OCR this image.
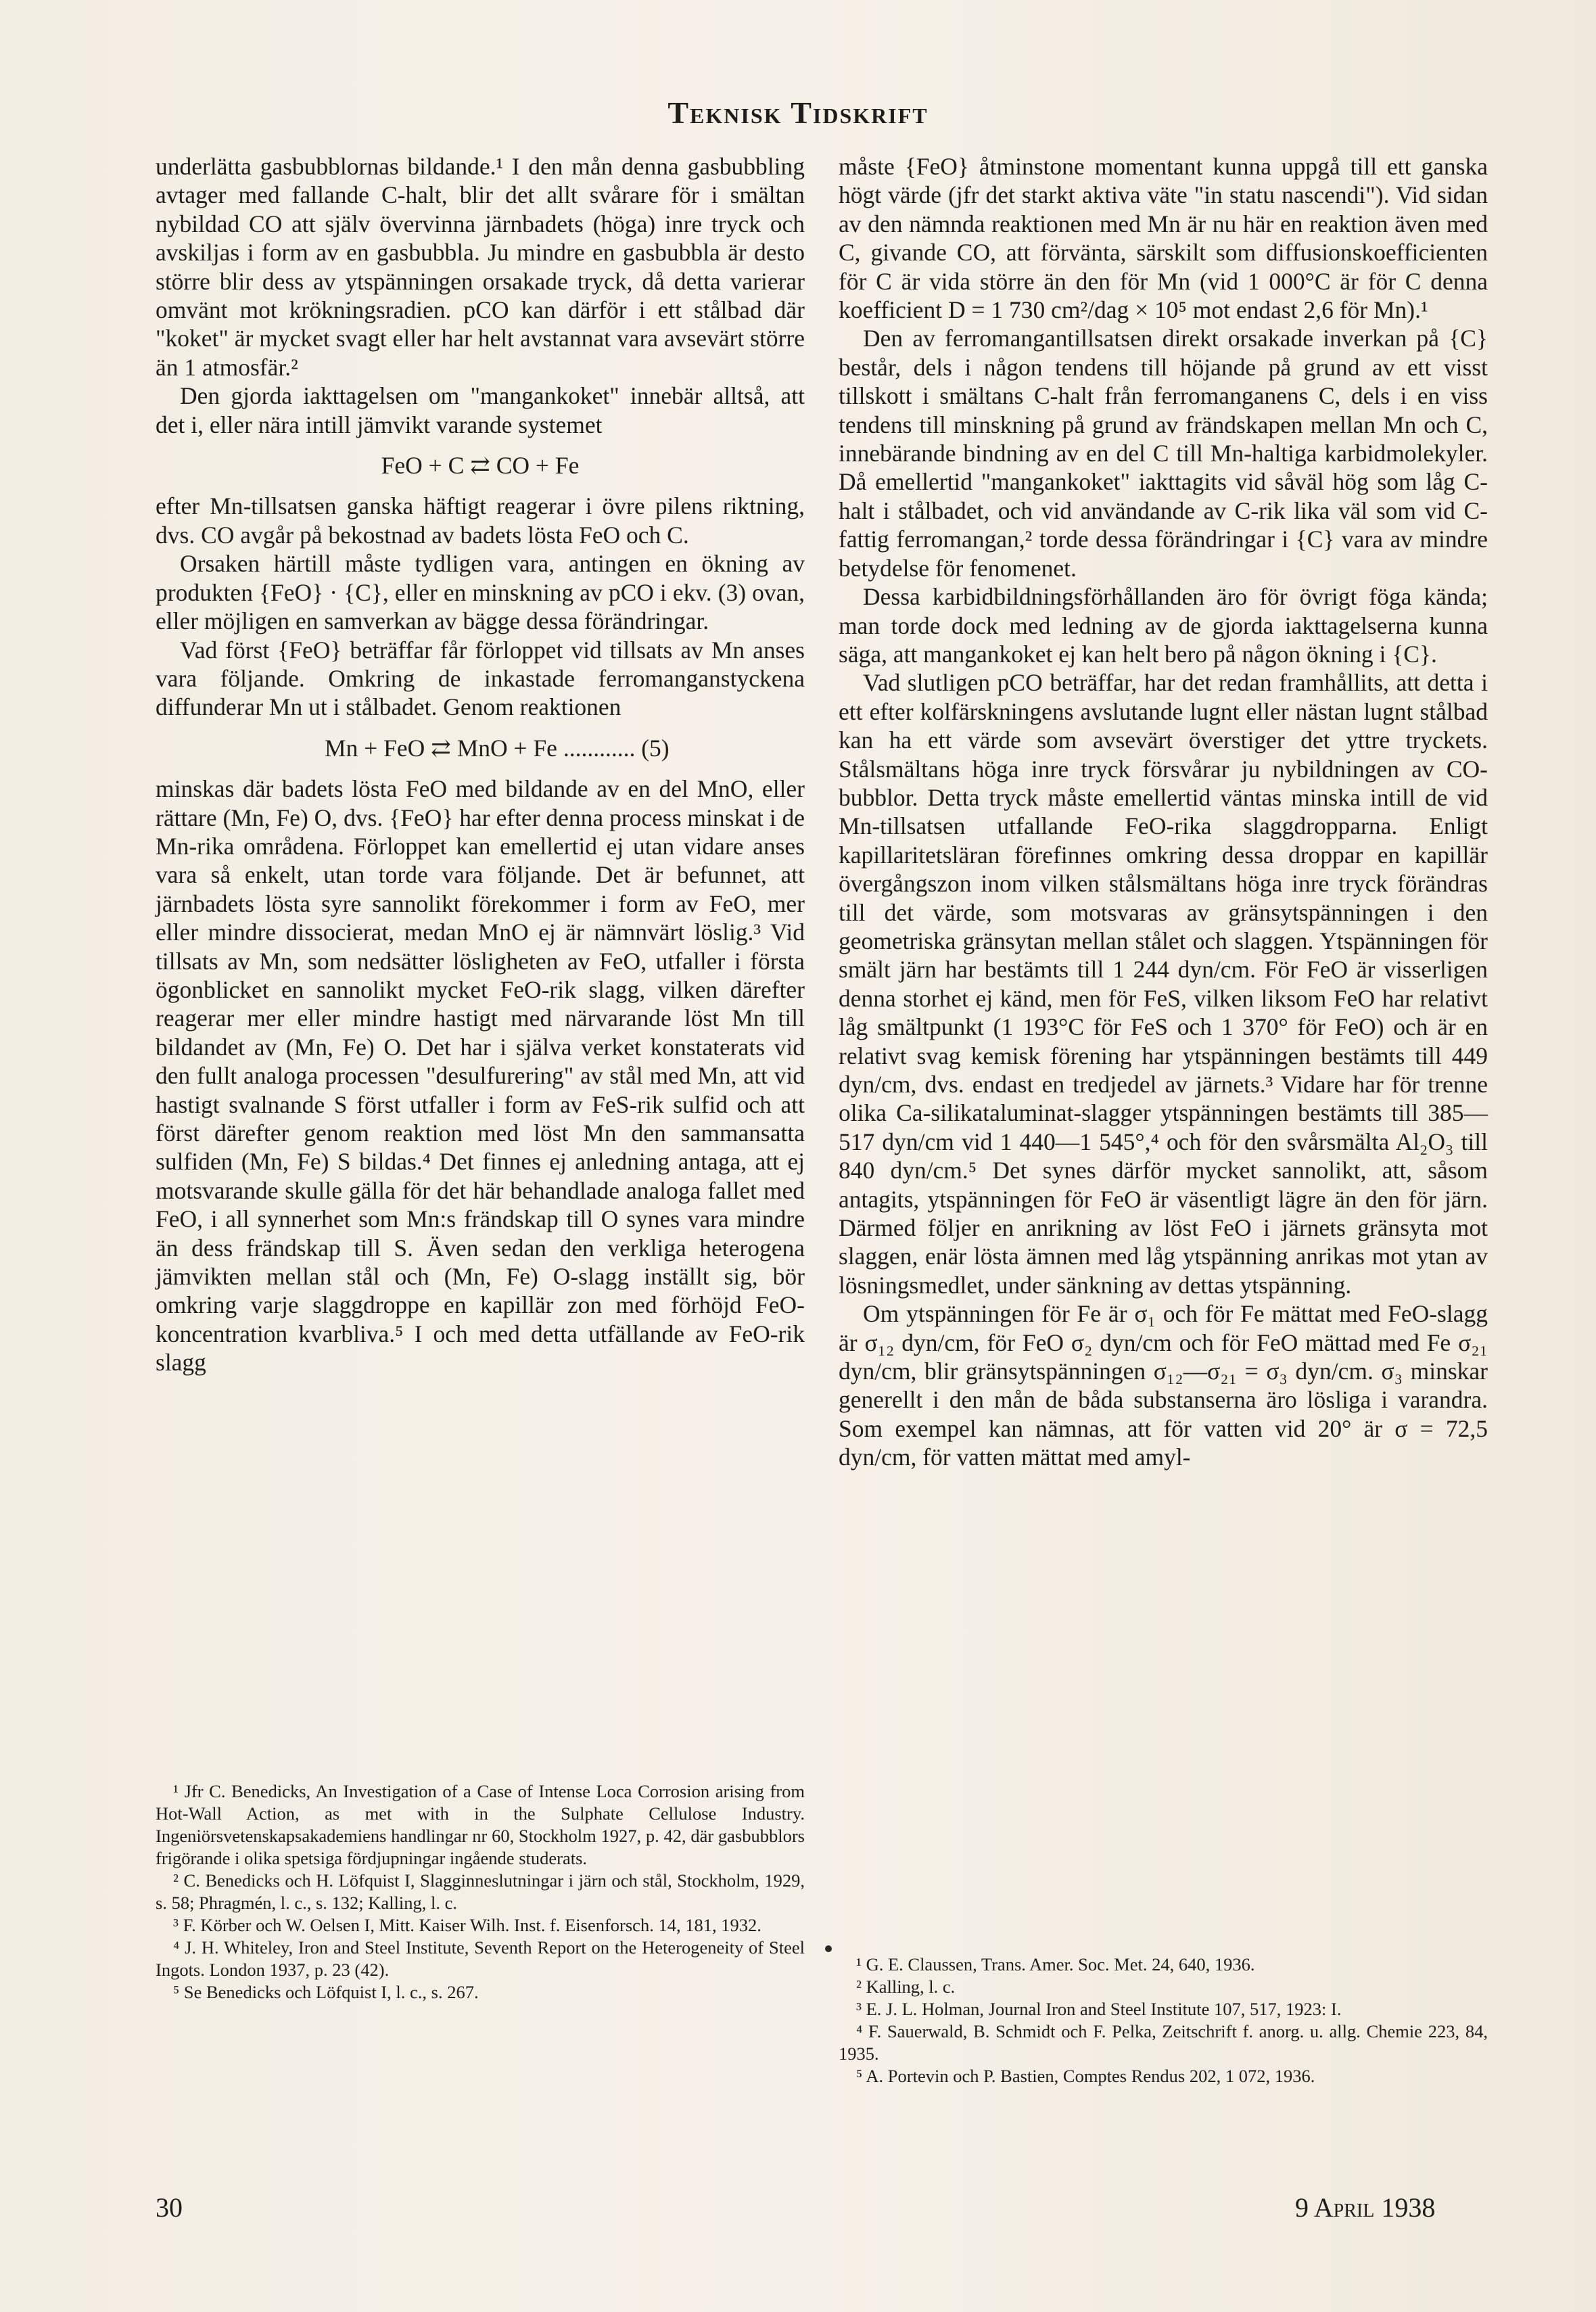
Teknisk Tidskrift

underlätta gasbubblornas bildande.¹ I den mån denna gasbubbling avtager med fallande C-halt, blir det allt svårare för i smältan nybildad CO att själv övervinna järnbadets (höga) inre tryck och avskiljas i form av en gasbubbla. Ju mindre en gasbubbla är desto större blir dess av ytspänningen orsakade tryck, då detta varierar omvänt mot krökningsradien. pCO kan därför i ett stålbad där "koket" är mycket svagt eller har helt avstannat vara avsevärt större än 1 atmosfär.²

Den gjorda iakttagelsen om "mangankoket" innebär alltså, att det i, eller nära intill jämvikt varande systemet

FeO + C ⇄ CO + Fe

efter Mn-tillsatsen ganska häftigt reagerar i övre pilens riktning, dvs. CO avgår på bekostnad av badets lösta FeO och C.

Orsaken härtill måste tydligen vara, antingen en ökning av produkten {FeO} · {C}, eller en minskning av pCO i ekv. (3) ovan, eller möjligen en samverkan av bägge dessa förändringar.

Vad först {FeO} beträffar får förloppet vid tillsats av Mn anses vara följande. Omkring de inkastade ferromanganstyckena diffunderar Mn ut i stålbadet. Genom reaktionen

Mn + FeO ⇄ MnO + Fe ............ (5)

minskas där badets lösta FeO med bildande av en del MnO, eller rättare (Mn, Fe) O, dvs. {FeO} har efter denna process minskat i de Mn-rika områdena. Förloppet kan emellertid ej utan vidare anses vara så enkelt, utan torde vara följande. Det är befunnet, att järnbadets lösta syre sannolikt förekommer i form av FeO, mer eller mindre dissocierat, medan MnO ej är nämnvärt löslig.³ Vid tillsats av Mn, som nedsätter lösligheten av FeO, utfaller i första ögonblicket en sannolikt mycket FeO-rik slagg, vilken därefter reagerar mer eller mindre hastigt med närvarande löst Mn till bildandet av (Mn, Fe) O. Det har i själva verket konstaterats vid den fullt analoga processen "desulfurering" av stål med Mn, att vid hastigt svalnande S först utfaller i form av FeS-rik sulfid och att först därefter genom reaktion med löst Mn den sammansatta sulfiden (Mn, Fe) S bildas.⁴ Det finnes ej anledning antaga, att ej motsvarande skulle gälla för det här behandlade analoga fallet med FeO, i all synnerhet som Mn:s frändskap till O synes vara mindre än dess frändskap till S. Även sedan den verkliga heterogena jämvikten mellan stål och (Mn, Fe) O-slagg inställt sig, bör omkring varje slaggdroppe en kapillär zon med förhöjd FeO-koncentration kvarbliva.⁵ I och med detta utfällande av FeO-rik slagg

¹ Jfr C. Benedicks, An Investigation of a Case of Intense Loca Corrosion arising from Hot-Wall Action, as met with in the Sulphate Cellulose Industry. Ingeniörsvetenskapsakademiens handlingar nr 60, Stockholm 1927, p. 42, där gasbubblors frigörande i olika spetsiga fördjupningar ingående studerats.

² C. Benedicks och H. Löfquist I, Slagginneslutningar i järn och stål, Stockholm, 1929, s. 58; Phragmén, l. c., s. 132; Kalling, l. c.

³ F. Körber och W. Oelsen I, Mitt. Kaiser Wilh. Inst. f. Eisenforsch. 14, 181, 1932.

⁴ J. H. Whiteley, Iron and Steel Institute, Seventh Report on the Heterogeneity of Steel Ingots. London 1937, p. 23 (42).

⁵ Se Benedicks och Löfquist I, l. c., s. 267.

måste {FeO} åtminstone momentant kunna uppgå till ett ganska högt värde (jfr det starkt aktiva väte "in statu nascendi"). Vid sidan av den nämnda reaktionen med Mn är nu här en reaktion även med C, givande CO, att förvänta, särskilt som diffusionskoefficienten för C är vida större än den för Mn (vid 1 000°C är för C denna koefficient D = 1 730 cm²/dag × 10⁵ mot endast 2,6 för Mn).¹

Den av ferromangantillsatsen direkt orsakade inverkan på {C} består, dels i någon tendens till höjande på grund av ett visst tillskott i smältans C-halt från ferromanganens C, dels i en viss tendens till minskning på grund av frändskapen mellan Mn och C, innebärande bindning av en del C till Mn-haltiga karbidmolekyler. Då emellertid "mangankoket" iakttagits vid såväl hög som låg C-halt i stålbadet, och vid användande av C-rik lika väl som vid C-fattig ferromangan,² torde dessa förändringar i {C} vara av mindre betydelse för fenomenet.

Dessa karbidbildningsförhållanden äro för övrigt föga kända; man torde dock med ledning av de gjorda iakttagelserna kunna säga, att mangankoket ej kan helt bero på någon ökning i {C}.

Vad slutligen pCO beträffar, har det redan framhållits, att detta i ett efter kolfärskningens avslutande lugnt eller nästan lugnt stålbad kan ha ett värde som avsevärt överstiger det yttre tryckets. Stålsmältans höga inre tryck försvårar ju nybildningen av CO-bubblor. Detta tryck måste emellertid väntas minska intill de vid Mn-tillsatsen utfallande FeO-rika slaggdropparna. Enligt kapillaritetsläran förefinnes omkring dessa droppar en kapillär övergångszon inom vilken stålsmältans höga inre tryck förändras till det värde, som motsvaras av gränsytspänningen i den geometriska gränsytan mellan stålet och slaggen. Ytspänningen för smält järn har bestämts till 1 244 dyn/cm. För FeO är visserligen denna storhet ej känd, men för FeS, vilken liksom FeO har relativt låg smältpunkt (1 193°C för FeS och 1 370° för FeO) och är en relativt svag kemisk förening har ytspänningen bestämts till 449 dyn/cm, dvs. endast en tredjedel av järnets.³ Vidare har för trenne olika Ca-silikataluminat-slagger ytspänningen bestämts till 385—517 dyn/cm vid 1 440—1 545°,⁴ och för den svårsmälta Al₂O₃ till 840 dyn/cm.⁵ Det synes därför mycket sannolikt, att, såsom antagits, ytspänningen för FeO är väsentligt lägre än den för järn. Därmed följer en anrikning av löst FeO i järnets gränsyta mot slaggen, enär lösta ämnen med låg ytspänning anrikas mot ytan av lösningsmedlet, under sänkning av dettas ytspänning.

Om ytspänningen för Fe är σ₁ och för Fe mättat med FeO-slagg är σ₁₂ dyn/cm, för FeO σ₂ dyn/cm och för FeO mättad med Fe σ₂₁ dyn/cm, blir gränsytspänningen σ₁₂—σ₂₁ = σ₃ dyn/cm. σ₃ minskar generellt i den mån de båda substanserna äro lösliga i varandra. Som exempel kan nämnas, att för vatten vid 20° är σ = 72,5 dyn/cm, för vatten mättat med amyl-

¹ G. E. Claussen, Trans. Amer. Soc. Met. 24, 640, 1936.

² Kalling, l. c.

³ E. J. L. Holman, Journal Iron and Steel Institute 107, 517, 1923: I.

⁴ F. Sauerwald, B. Schmidt och F. Pelka, Zeitschrift f. anorg. u. allg. Chemie 223, 84, 1935.

⁵ A. Portevin och P. Bastien, Comptes Rendus 202, 1 072, 1936.

30	9 April 1938
